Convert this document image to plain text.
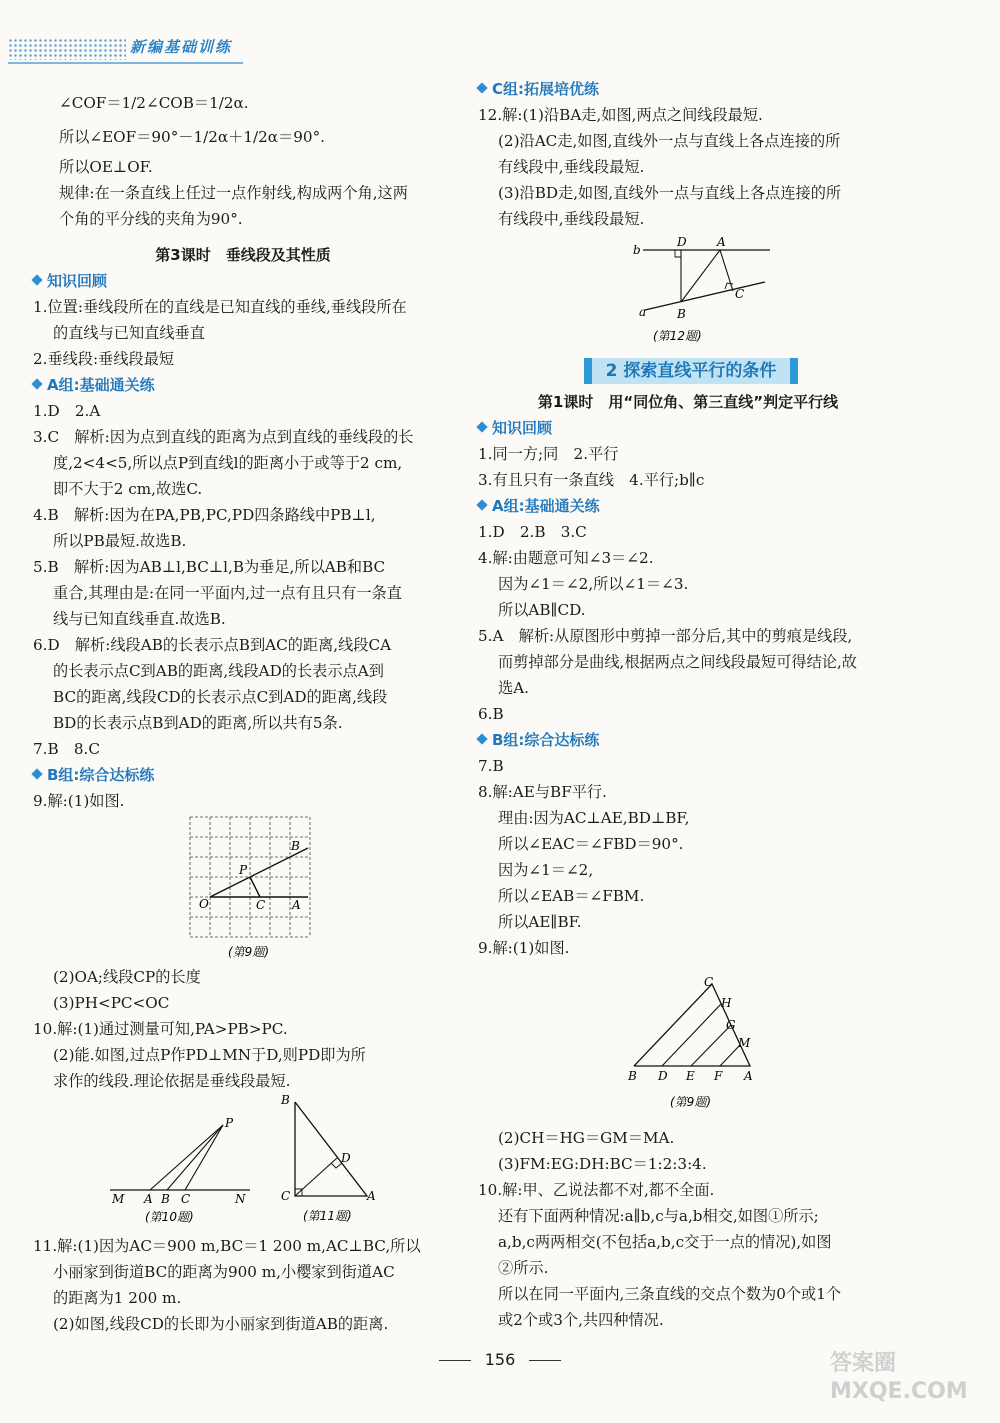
新编基础训练

∠COF＝1/2∠COB＝1/2α.

所以∠EOF＝90°－1/2α＋1/2α＝90°.

所以OE⊥OF.

规律:在一条直线上任过一点作射线,构成两个角,这两

个角的平分线的夹角为90°.

第3课时　垂线段及其性质

知识回顾

1.位置:垂线段所在的直线是已知直线的垂线,垂线段所在

的直线与已知直线垂直

2.垂线段:垂线段最短

A组:基础通关练

1.D　2.A

3.C　解析:因为点到直线的距离为点到直线的垂线段的长

度,2<4<5,所以点P到直线l的距离小于或等于2 cm,

即不大于2 cm,故选C.

4.B　解析:因为在PA,PB,PC,PD四条路线中PB⊥l,

所以PB最短.故选B.

5.B　解析:因为AB⊥l,BC⊥l,B为垂足,所以AB和BC

重合,其理由是:在同一平面内,过一点有且只有一条直

线与已知直线垂直.故选B.

6.D　解析:线段AB的长表示点B到AC的距离,线段CA

的长表示点C到AB的距离,线段AD的长表示点A到

BC的距离,线段CD的长表示点C到AD的距离,线段

BD的长表示点B到AD的距离,所以共有5条.

7.B　8.C

B组:综合达标练

9.解:(1)如图.

O
P
B
C A
(第9题)

(2)OA;线段CP的长度

(3)PH<PC<OC

10.解:(1)通过测量可知,PA>PB>PC.

(2)能.如图,过点P作PD⊥MN于D,则PD即为所

求作的线段.理论依据是垂线段最短.

P
M A B C	N
(第10题)
B
D
C	A
(第11题)

11.解:(1)因为AC＝900 m,BC＝1 200 m,AC⊥BC,所以

小丽家到街道BC的距离为900 m,小樱家到街道AC

的距离为1 200 m.

(2)如图,线段CD的长即为小丽家到街道AB的距离.

C组:拓展培优练

12.解:(1)沿BA走,如图,两点之间线段最短.

(2)沿AC走,如图,直线外一点与直线上各点连接的所

有线段中,垂线段最短.

(3)沿BD走,如图,直线外一点与直线上各点连接的所

有线段中,垂线段最短.

b
D	A
C
a	B
(第12题)
2 探索直线平行的条件

第1课时　用“同位角、第三直线”判定平行线

知识回顾

1.同一方;同　2.平行

3.有且只有一条直线　4.平行;b∥c

A组:基础通关练

1.D　2.B　3.C

4.解:由题意可知∠3＝∠2.

因为∠1＝∠2,所以∠1＝∠3.

所以AB∥CD.

5.A　解析:从原图形中剪掉一部分后,其中的剪痕是线段,

而剪掉部分是曲线,根据两点之间线段最短可得结论,故

选A.

6.B

B组:综合达标练

7.B

8.解:AE与BF平行.

理由:因为AC⊥AE,BD⊥BF,

所以∠EAC＝∠FBD＝90°.

因为∠1＝∠2,

所以∠EAB＝∠FBM.

所以AE∥BF.

9.解:(1)如图.

C
H
G
M
B D E F A
(第9题)

(2)CH＝HG＝GM＝MA.

(3)FM:EG:DH:BC＝1:2:3:4.

10.解:甲、乙说法都不对,都不全面.

还有下面两种情况:a∥b,c与a,b相交,如图①所示;

a,b,c两两相交(不包括a,b,c交于一点的情况),如图

②所示.

所以在同一平面内,三条直线的交点个数为0个或1个

或2个或3个,共四种情况.

156	答案圈 MXQE.COM
